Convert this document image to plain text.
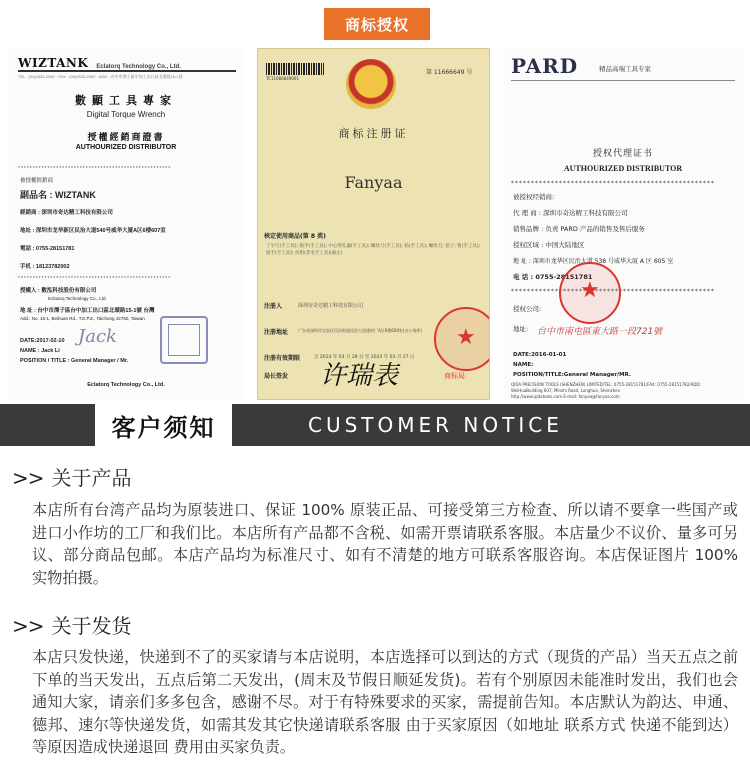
商标授权
WIZTANK Eclatorq Technology Co., Ltd.
TEL : (04)2533-2560 · FAX : (04)2533-2562 · ADD : 台中市潭子區中加工出口區北環路15-1號
數顯工具專家
Digital Torque Wrench
授權經銷商證書
AUTHOURIZED DISTRIBUTOR
****************************************************
被授權經銷商
副品名 : WIZTANK
經銷商 : 深圳市奇达精工科技有限公司
地址 : 深圳市龙华新区民治大道540号威华大厦A区6楼607室
電話 : 0755-28151781
手机 : 18123782002
****************************************************
授權人 : 數泓科技股份有限公司
Eclatorq Technology Co., Ltd.
地 址 : 台中市潭子區台中加工出口區北環路15-1號 台灣
Add.: No. 15-1, Beihuan Rd., T.E.P.Z., Taichung 42760, Taiwan
DATE:2017-02-10
NAME : Jack Li
POSITION / TITLE : General Manager / Mr.
Jack
Eclatorq Technology Co., Ltd.
TC11666649001
第 11666649 号
商标注册证
Fanyaa
核定使用商品(第 8 类)
丁字尺(手工具); 扳手(手工具); 中心穿孔器(手工具); 螺丝刀(手工具); 钻(手工具); 螺丝刀; 套子; 钳(手工具); 扳手(手工具); 仿钳(非电手工具)(截止)
注册人	深圳市奇达精工科技有限公司
注册地址 广东省深圳市宝安区民治街道民治大道建材厂A区6楼604室(办公场所)
注册有效期限	自 2014 年 03 月 28 日 至 2024 年 03 月 27 日
局长签发 许瑞表
★	商标局
PARD	精品高端工具专家
授权代理证书
AUTHOURIZED DISTRIBUTOR
***************************************************
被授权经销商:
代 理 商 : 深圳市奇达精工科技有限公司
销售品牌 : 负责 PARD 产品的销售及售后服务
授权区域 : 中国大陆地区
地 址 : 深圳市龙华区民治大道 538 号威华大厦 A 区 605 室
电 话 : 0755-28151781
***************************************************
授权公司:
地址:
★ 台中市南屯區東大路一段721號
DATE:2016-01-01
NAME:
POSITION/TITLE:General Manager/MR.
QIDA PRECISION TOOLS (SHENZHEN) LIMITED/TEL: 0755-28151781/FAX: 0755-28151782/ADD:
WeiHuaBuilding 607, Minzhi Road, Longhua, Shenzhen
http://www.qidatools.com E-mail: fanyaa@fanyaa.com
客户须知	CUSTOMER NOTICE
>> 关于产品
本店所有台湾产品均为原装进口、保证 100% 原装正品、可接受第三方检查、所以请不要拿一些国产或进口小作坊的工厂和我们比。本店所有产品都不含税、如需开票请联系客服。本店量少不议价、量多可另议、部分商品包邮。本店产品均为标准尺寸、如有不清楚的地方可联系客服咨询。本店保证图片 100% 实物拍摄。
>> 关于发货
本店只发快递，快递到不了的买家请与本店说明，本店选择可以到达的方式（现货的产品）当天五点之前下单的当天发出，五点后第二天发出，(周末及节假日顺延发货)。若有个别原因未能准时发出，我们也会通知大家，请亲们多多包含，感谢不尽。对于有特殊要求的买家，需提前告知。本店默认为韵达、申通、德邦、速尔等快递发货，如需其发其它快递请联系客服 由于买家原因（如地址 联系方式 快递不能到达）等原因造成快递退回 费用由买家负责。
